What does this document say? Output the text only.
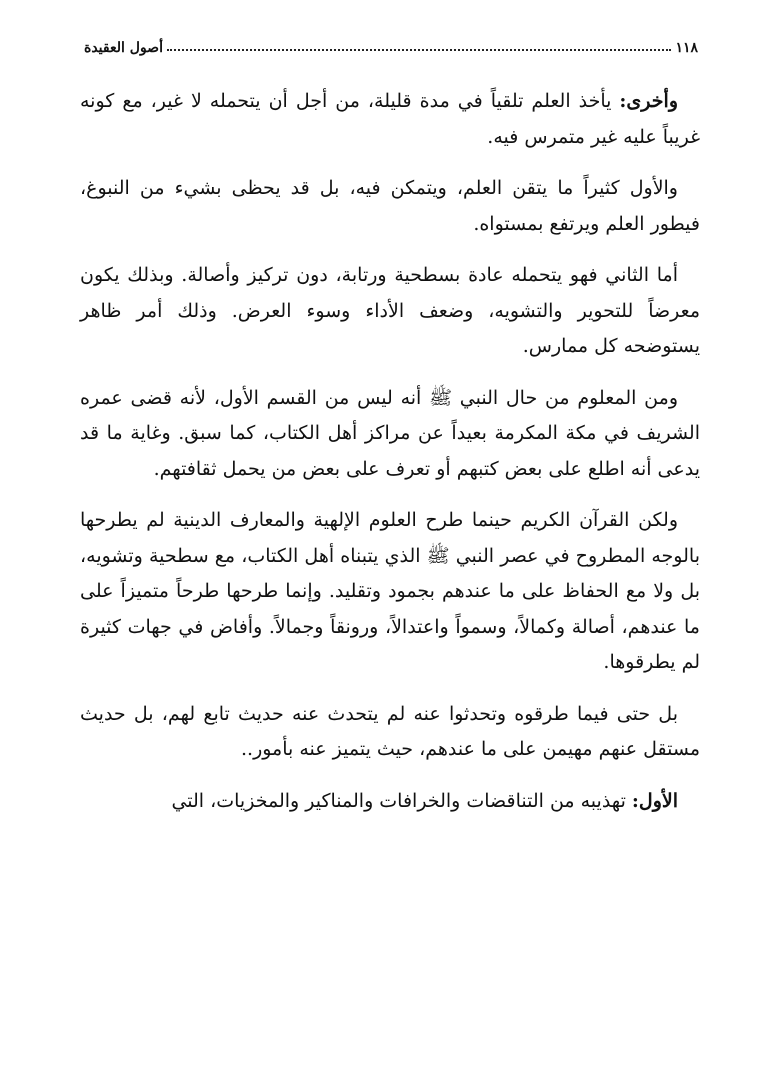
١١٨
أصول العقيدة

وأخرى: يأخذ العلم تلقياً في مدة قليلة، من أجل أن يتحمله لا غير، مع كونه غريباً عليه غير متمرس فيه.

والأول كثيراً ما يتقن العلم، ويتمكن فيه، بل قد يحظى بشيء من النبوغ، فيطور العلم ويرتفع بمستواه.

أما الثاني فهو يتحمله عادة بسطحية ورتابة، دون تركيز وأصالة. وبذلك يكون معرضاً للتحوير والتشويه، وضعف الأداء وسوء العرض. وذلك أمر ظاهر يستوضحه كل ممارس.

ومن المعلوم من حال النبي ﷺ أنه ليس من القسم الأول، لأنه قضى عمره الشريف في مكة المكرمة بعيداً عن مراكز أهل الكتاب، كما سبق. وغاية ما قد يدعى أنه اطلع على بعض كتبهم أو تعرف على بعض من يحمل ثقافتهم.

ولكن القرآن الكريم حينما طرح العلوم الإلهية والمعارف الدينية لم يطرحها بالوجه المطروح في عصر النبي ﷺ الذي يتبناه أهل الكتاب، مع سطحية وتشويه، بل ولا مع الحفاظ على ما عندهم بجمود وتقليد. وإنما طرحها طرحاً متميزاً على ما عندهم، أصالة وكمالاً، وسمواً واعتدالاً، ورونقاً وجمالاً. وأفاض في جهات كثيرة لم يطرقوها.

بل حتى فيما طرقوه وتحدثوا عنه لم يتحدث عنه حديث تابع لهم، بل حديث مستقل عنهم مهيمن على ما عندهم، حيث يتميز عنه بأمور..

الأول: تهذيبه من التناقضات والخرافات والمناكير والمخزيات، التي
